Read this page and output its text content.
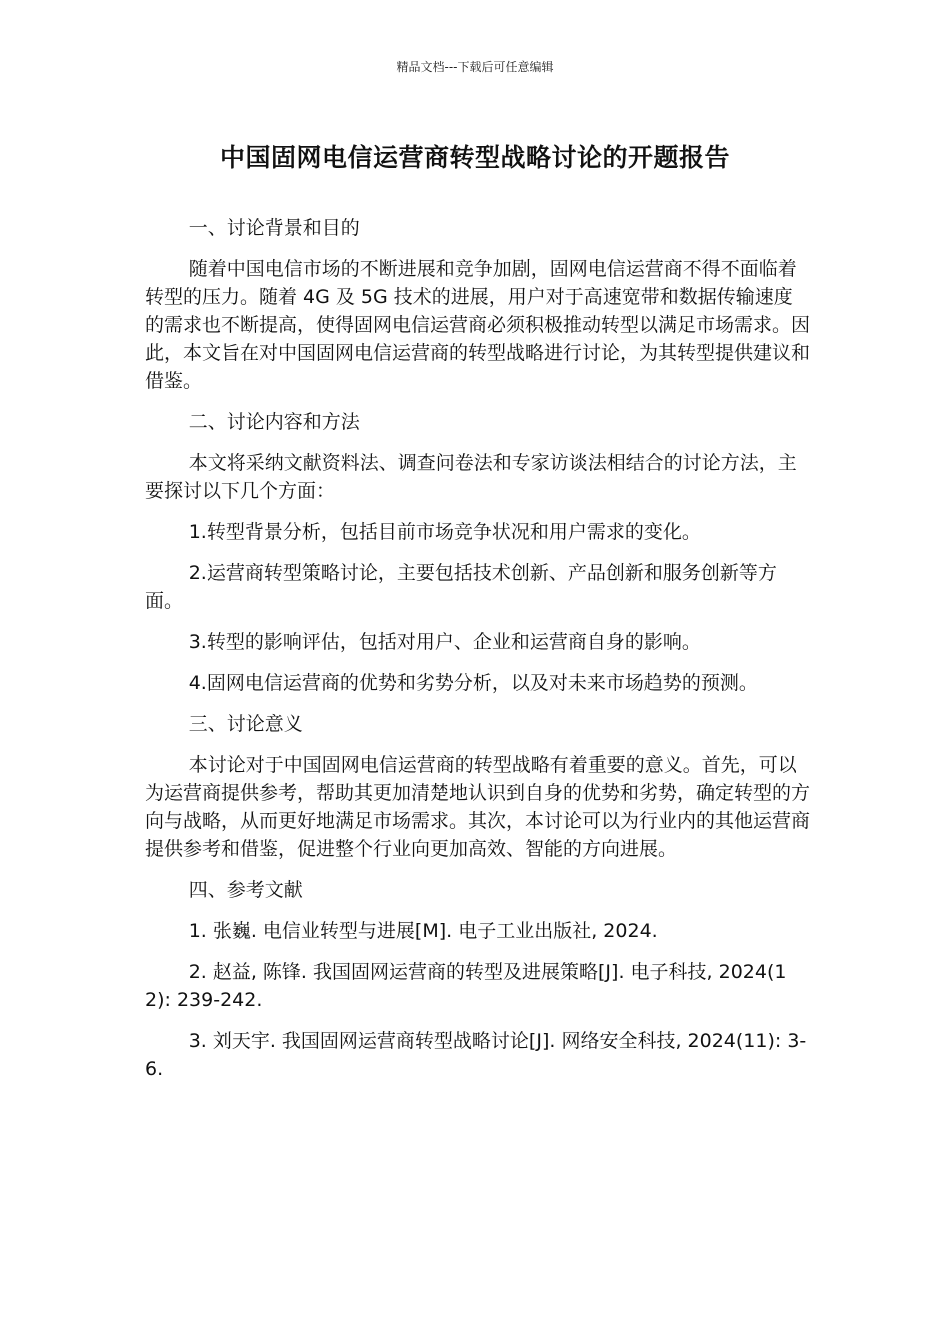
精品文档---下载后可任意编辑
中国固网电信运营商转型战略讨论的开题报告

一、讨论背景和目的

随着中国电信市场的不断进展和竞争加剧，固网电信运营商不得不面临着转型的压力。随着 4G 及 5G 技术的进展，用户对于高速宽带和数据传输速度的需求也不断提高，使得固网电信运营商必须积极推动转型以满足市场需求。因此，本文旨在对中国固网电信运营商的转型战略进行讨论，为其转型提供建议和借鉴。

二、讨论内容和方法

本文将采纳文献资料法、调查问卷法和专家访谈法相结合的讨论方法，主要探讨以下几个方面：

1.转型背景分析，包括目前市场竞争状况和用户需求的变化。

2.运营商转型策略讨论，主要包括技术创新、产品创新和服务创新等方面。

3.转型的影响评估，包括对用户、企业和运营商自身的影响。

4.固网电信运营商的优势和劣势分析，以及对未来市场趋势的预测。

三、讨论意义

本讨论对于中国固网电信运营商的转型战略有着重要的意义。首先，可以为运营商提供参考，帮助其更加清楚地认识到自身的优势和劣势，确定转型的方向与战略，从而更好地满足市场需求。其次，本讨论可以为行业内的其他运营商提供参考和借鉴，促进整个行业向更加高效、智能的方向进展。

四、参考文献

1. 张巍. 电信业转型与进展[M]. 电子工业出版社, 2024.

2. 赵益, 陈锋. 我国固网运营商的转型及进展策略[J]. 电子科技, 2024(12): 239-242.

3. 刘天宇. 我国固网运营商转型战略讨论[J]. 网络安全科技, 2024(11): 3-6.
